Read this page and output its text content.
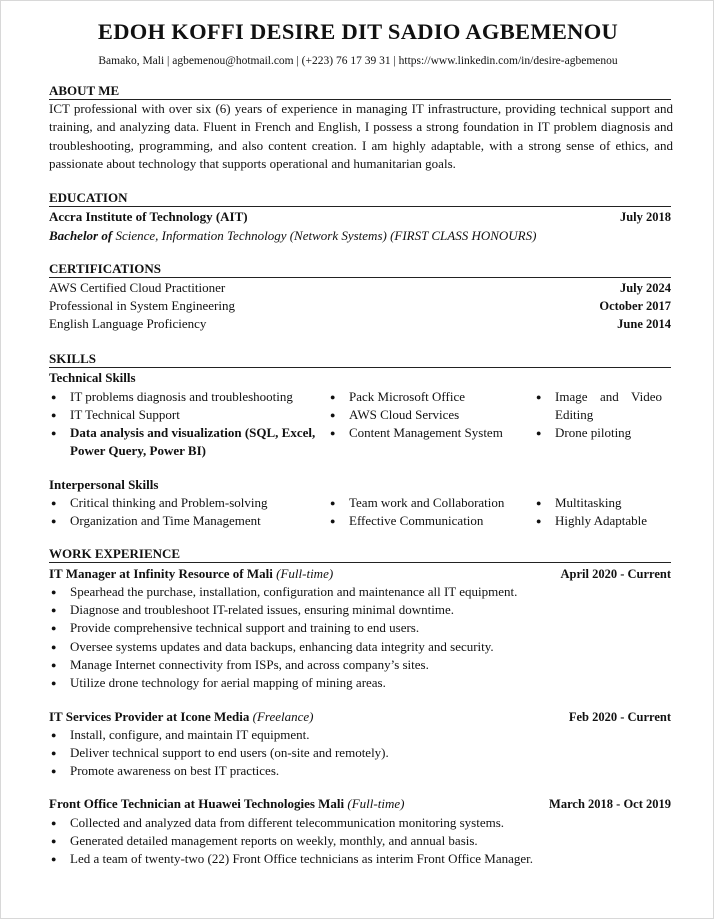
EDOH KOFFI DESIRE DIT SADIO AGBEMENOU
Bamako, Mali | agbemenou@hotmail.com | (+223) 76 17 39 31 | https://www.linkedin.com/in/desire-agbemenou
ABOUT ME
ICT professional with over six (6) years of experience in managing IT infrastructure, providing technical support and training, and analyzing data. Fluent in French and English, I possess a strong foundation in IT problem diagnosis and troubleshooting, programming, and also content creation. I am highly adaptable, with a strong sense of ethics, and passionate about technology that supports operational and humanitarian goals.
EDUCATION
Accra Institute of Technology (AIT)	July 2018
Bachelor of Science, Information Technology (Network Systems) (FIRST CLASS HONOURS)
CERTIFICATIONS
AWS Certified Cloud Practitioner	July 2024
Professional in System Engineering	October 2017
English Language Proficiency	June 2014
SKILLS
Technical Skills
● IT problems diagnosis and troubleshooting
● IT Technical Support
● Data analysis and visualization (SQL, Excel, Power Query, Power BI)
● Pack Microsoft Office
● AWS Cloud Services
● Content Management System
● Image and Video Editing
● Drone piloting
Interpersonal Skills
● Critical thinking and Problem-solving
● Organization and Time Management
● Team work and Collaboration
● Effective Communication
● Multitasking
● Highly Adaptable
WORK EXPERIENCE
IT Manager at Infinity Resource of Mali (Full-time)	April 2020 - Current
● Spearhead the purchase, installation, configuration and maintenance all IT equipment.
● Diagnose and troubleshoot IT-related issues, ensuring minimal downtime.
● Provide comprehensive technical support and training to end users.
● Oversee systems updates and data backups, enhancing data integrity and security.
● Manage Internet connectivity from ISPs, and across company’s sites.
● Utilize drone technology for aerial mapping of mining areas.
IT Services Provider at Icone Media (Freelance)	Feb 2020 - Current
● Install, configure, and maintain IT equipment.
● Deliver technical support to end users (on-site and remotely).
● Promote awareness on best IT practices.
Front Office Technician at Huawei Technologies Mali (Full-time)	March 2018 - Oct 2019
● Collected and analyzed data from different telecommunication monitoring systems.
● Generated detailed management reports on weekly, monthly, and annual basis.
● Led a team of twenty-two (22) Front Office technicians as interim Front Office Manager.
